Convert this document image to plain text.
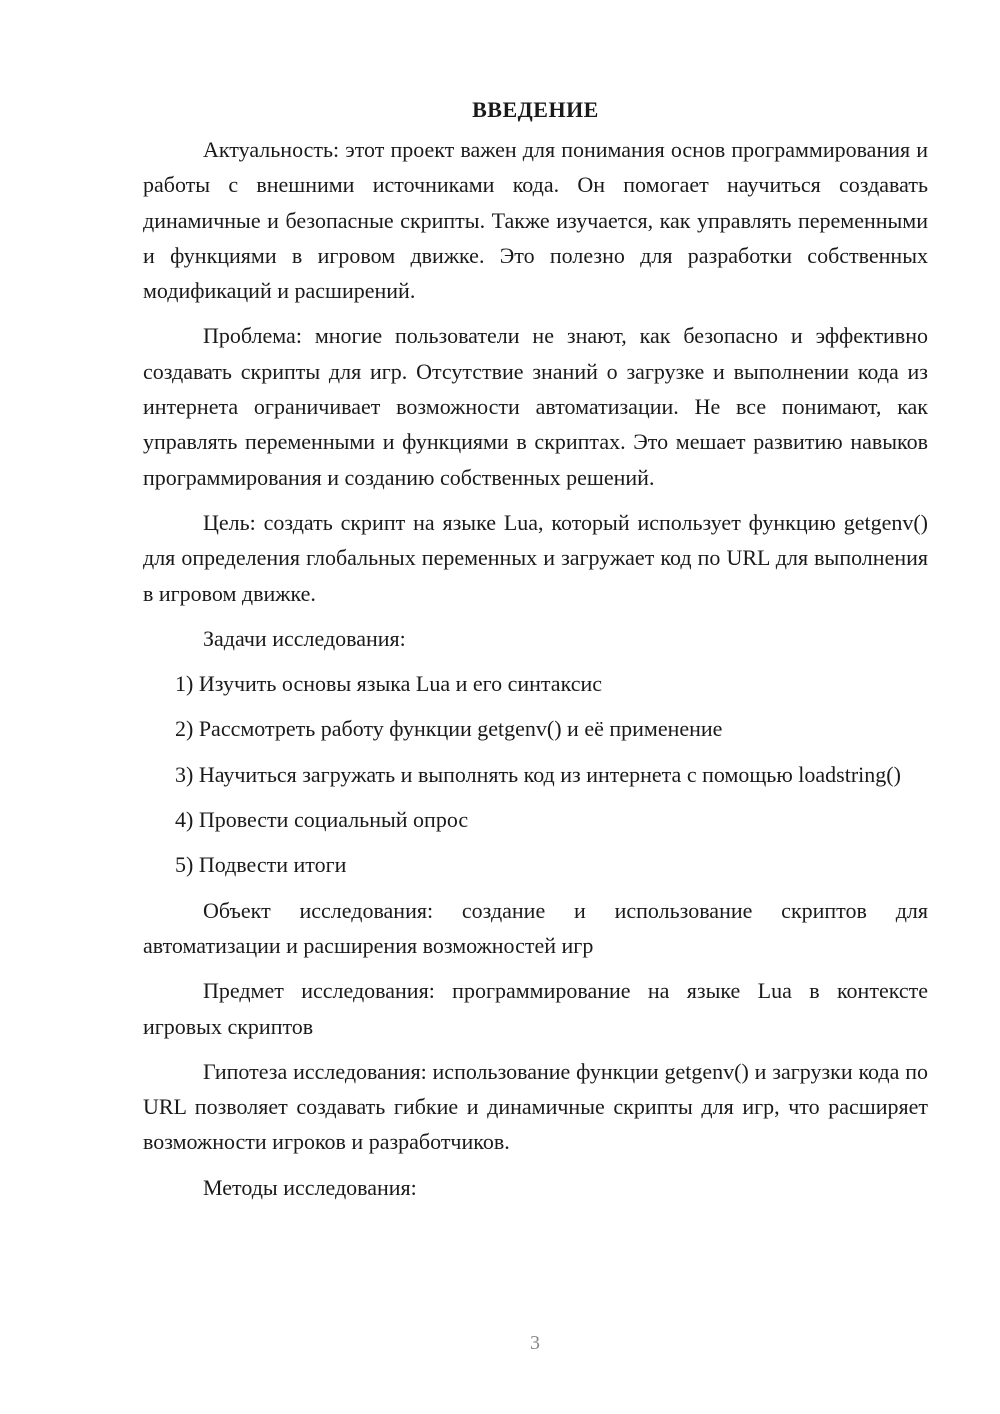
ВВЕДЕНИЕ

Актуальность: этот проект важен для понимания основ программирования и работы с внешними источниками кода. Он помогает научиться создавать динамичные и безопасные скрипты. Также изучается, как управлять переменными и функциями в игровом движке. Это полезно для разработки собственных модификаций и расширений.

Проблема: многие пользователи не знают, как безопасно и эффективно создавать скрипты для игр. Отсутствие знаний о загрузке и выполнении кода из интернета ограничивает возможности автоматизации. Не все понимают, как управлять переменными и функциями в скриптах. Это мешает развитию навыков программирования и созданию собственных решений.

Цель: создать скрипт на языке Lua, который использует функцию getgenv() для определения глобальных переменных и загружает код по URL для выполнения в игровом движке.

Задачи исследования:

1) Изучить основы языка Lua и его синтаксис

2) Рассмотреть работу функции getgenv() и её применение

3) Научиться загружать и выполнять код из интернета с помощью loadstring()

4) Провести социальный опрос

5) Подвести итоги

Объект исследования: создание и использование скриптов для автоматизации и расширения возможностей игр

Предмет исследования: программирование на языке Lua в контексте игровых скриптов

Гипотеза исследования: использование функции getgenv() и загрузки кода по URL позволяет создавать гибкие и динамичные скрипты для игр, что расширяет возможности игроков и разработчиков.

Методы исследования:

3
